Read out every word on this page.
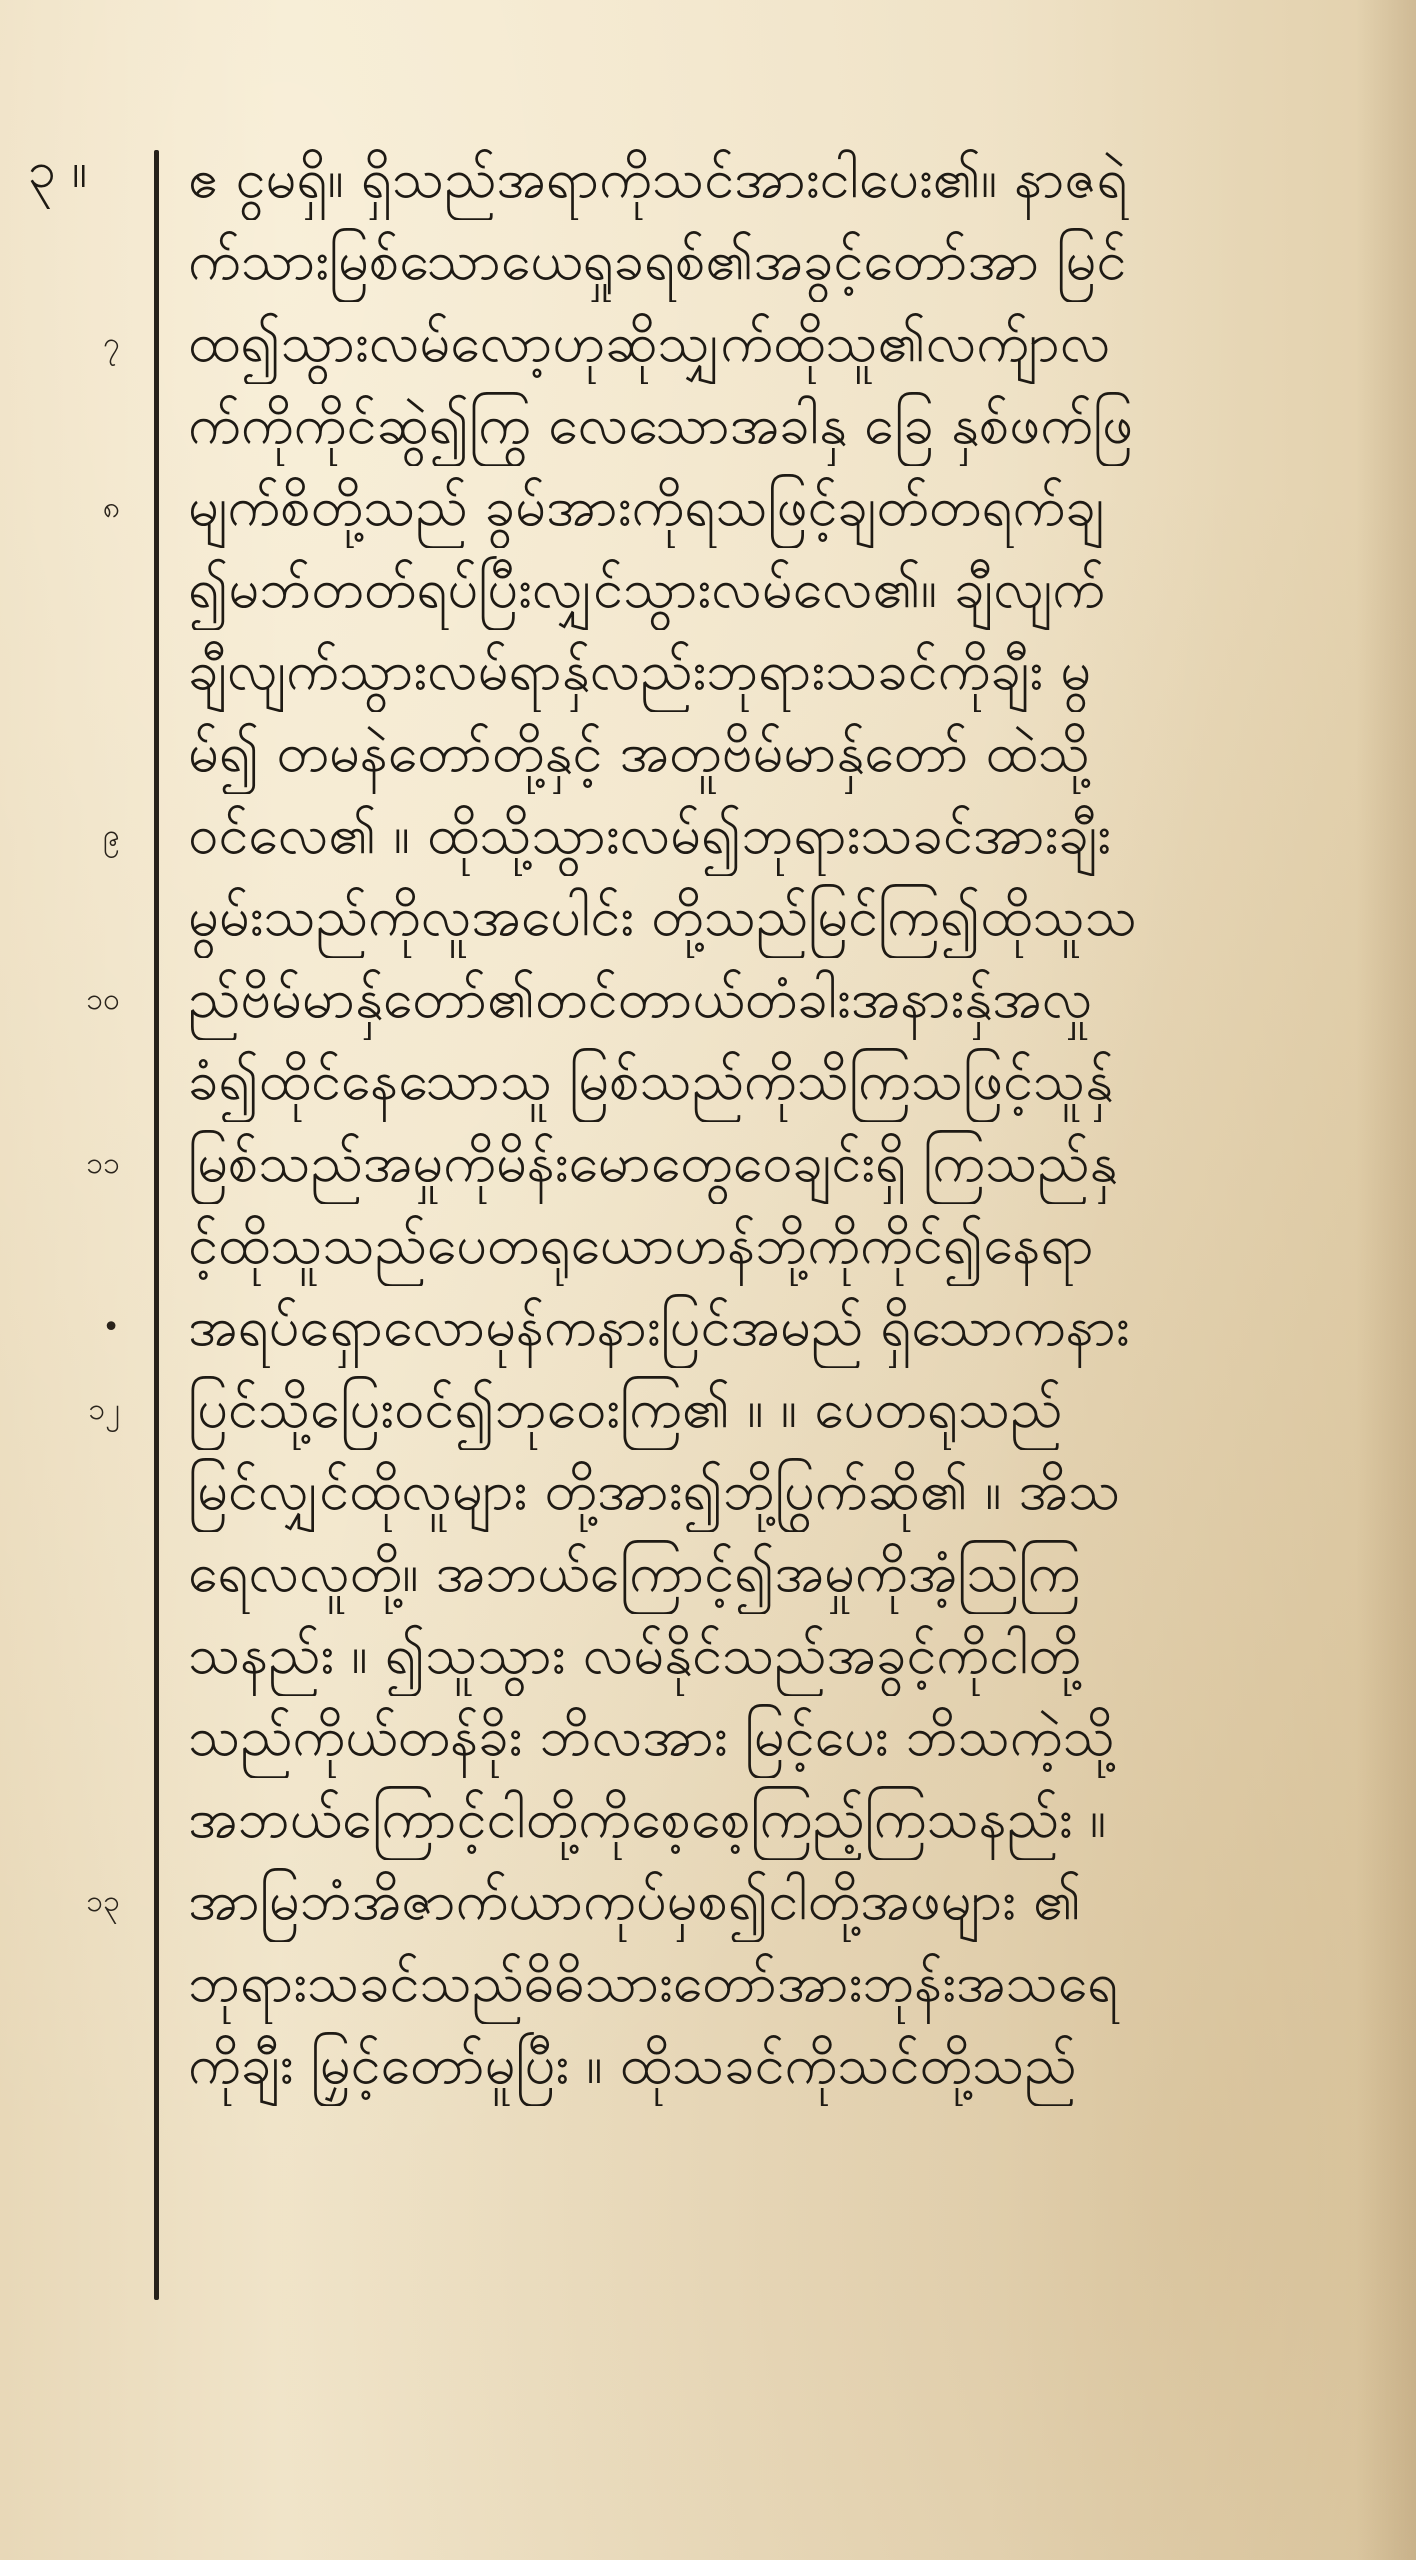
၃ ။
၇
၈
၉
၁၀
၁၁
•
၁၂
၁၃
ဧ ငွမရှိ။ ရှိသည်အရာကိုသင်အားငါပေး၏။ နာဇရဲ
က်သားမြစ်သောယေရှုခရစ်၏အခွင့်တော်အာ မြင်
ထ၍သွားလမ်လော့ဟုဆိုသျှက်ထိုသူ၏လက်ျာလ
က်ကိုကိုင်ဆွဲ၍ကြွ လေသောအခါနှ ခြေ နှစ်ဖက်ဖြ
မျက်စိတို့သည် ခွမ်အားကိုရသဖြင့်ချတ်တရက်ချ
၍မဘ်တတ်ရပ်ပြီးလျှင်သွားလမ်လေ၏။ ချီလျက်
ချီလျက်သွားလမ်ရာနှ်လည်းဘုရားသခင်ကိုချီး မွ
မ်၍ တမနဲတော်တို့နှင့် အတူဗိမ်မာနှ်တော် ထဲသို့
ဝင်လေ၏ ။ ထိုသို့သွားလမ်၍ဘုရားသခင်အားချီး
မွမ်းသည်ကိုလူအပေါင်း တို့သည်မြင်ကြ၍ထိုသူသ
ည်ဗိမ်မာနှ်တော်၏တင်တာယ်တံခါးအနားနှ်အလှု
ခံ၍ထိုင်နေသောသူ မြစ်သည်ကိုသိကြသဖြင့်သူနှ်
မြစ်သည်အမှုကိုမိန်းမောတွေဝေချင်းရှိ ကြသည်နှ
င့်ထိုသူသည်ပေတရုယောဟန်ဘို့ကိုကိုင်၍နေရာ
အရပ်ရှောလောမုန်ကနားပြင်အမည် ရှိသောကနား
ပြင်သို့ပြေးဝင်၍ဘုဝေးကြ၏ ။ ။ ပေတရုသည်
မြင်လျှင်ထိုလူများ တို့အား၍ဘို့ပြွက်ဆို၏ ။ အိသ
ရေလလူတို့။ အဘယ်ကြောင့်၍အမှုကိုအံ့ဩကြ
သနည်း ။ ၍သူသွား လမ်နိုင်သည်အခွင့်ကိုငါတို့
သည်ကိုယ်တန်ခိုး ဘိလအား မြင့်ပေး ဘိသကဲ့သို့
အဘယ်ကြောင့်ငါတို့ကိုစေ့စေ့ကြည့်ကြသနည်း ။
အာမြဘံအိဇာက်ယာကုပ်မှစ၍ငါတို့အဖများ ၏
ဘုရားသခင်သည်ဓိဓိသားတော်အားဘုန်းအသရေ
ကိုချီး မြှင့်တော်မူပြီး ။ ထိုသခင်ကိုသင်တို့သည်
